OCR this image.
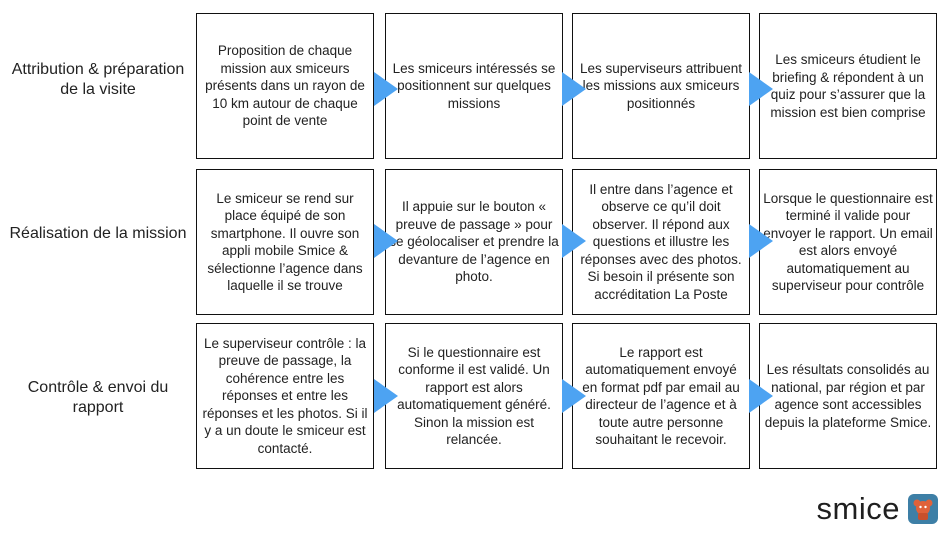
Attribution & préparation de la visite
Réalisation de la mission
Contrôle & envoi du rapport
Proposition de chaque mission aux smiceurs présents dans un rayon de 10 km autour de chaque point de vente
Les smiceurs intéressés se positionnent sur quelques missions
Les superviseurs attribuent les missions aux smiceurs positionnés
Les smiceurs étudient le briefing & répondent à un quiz pour s’assurer que la mission est bien comprise
Le smiceur se rend sur place équipé de son smartphone. Il ouvre son appli mobile Smice & sélectionne l’agence dans laquelle il se trouve
Il appuie sur le bouton « preuve de passage » pour se géolocaliser et prendre la devanture de l’agence en photo.
Il entre dans l’agence et observe ce qu’il doit observer. Il répond aux questions et illustre les réponses avec des photos. Si besoin il présente son accréditation La Poste
Lorsque le questionnaire est terminé il valide pour envoyer le rapport. Un email est alors envoyé automatiquement au superviseur pour contrôle
Le superviseur contrôle : la preuve de passage, la cohérence entre les réponses et entre les réponses et les photos. Si il y a un doute le smiceur est contacté.
Si le questionnaire est conforme il est validé. Un rapport est alors automatiquement généré. Sinon la mission est relancée.
Le rapport est automatiquement envoyé en format pdf par email au directeur de l’agence et à toute autre personne souhaitant le recevoir.
Les résultats consolidés au national, par région et par agence sont accessibles depuis la plateforme Smice.
smice
